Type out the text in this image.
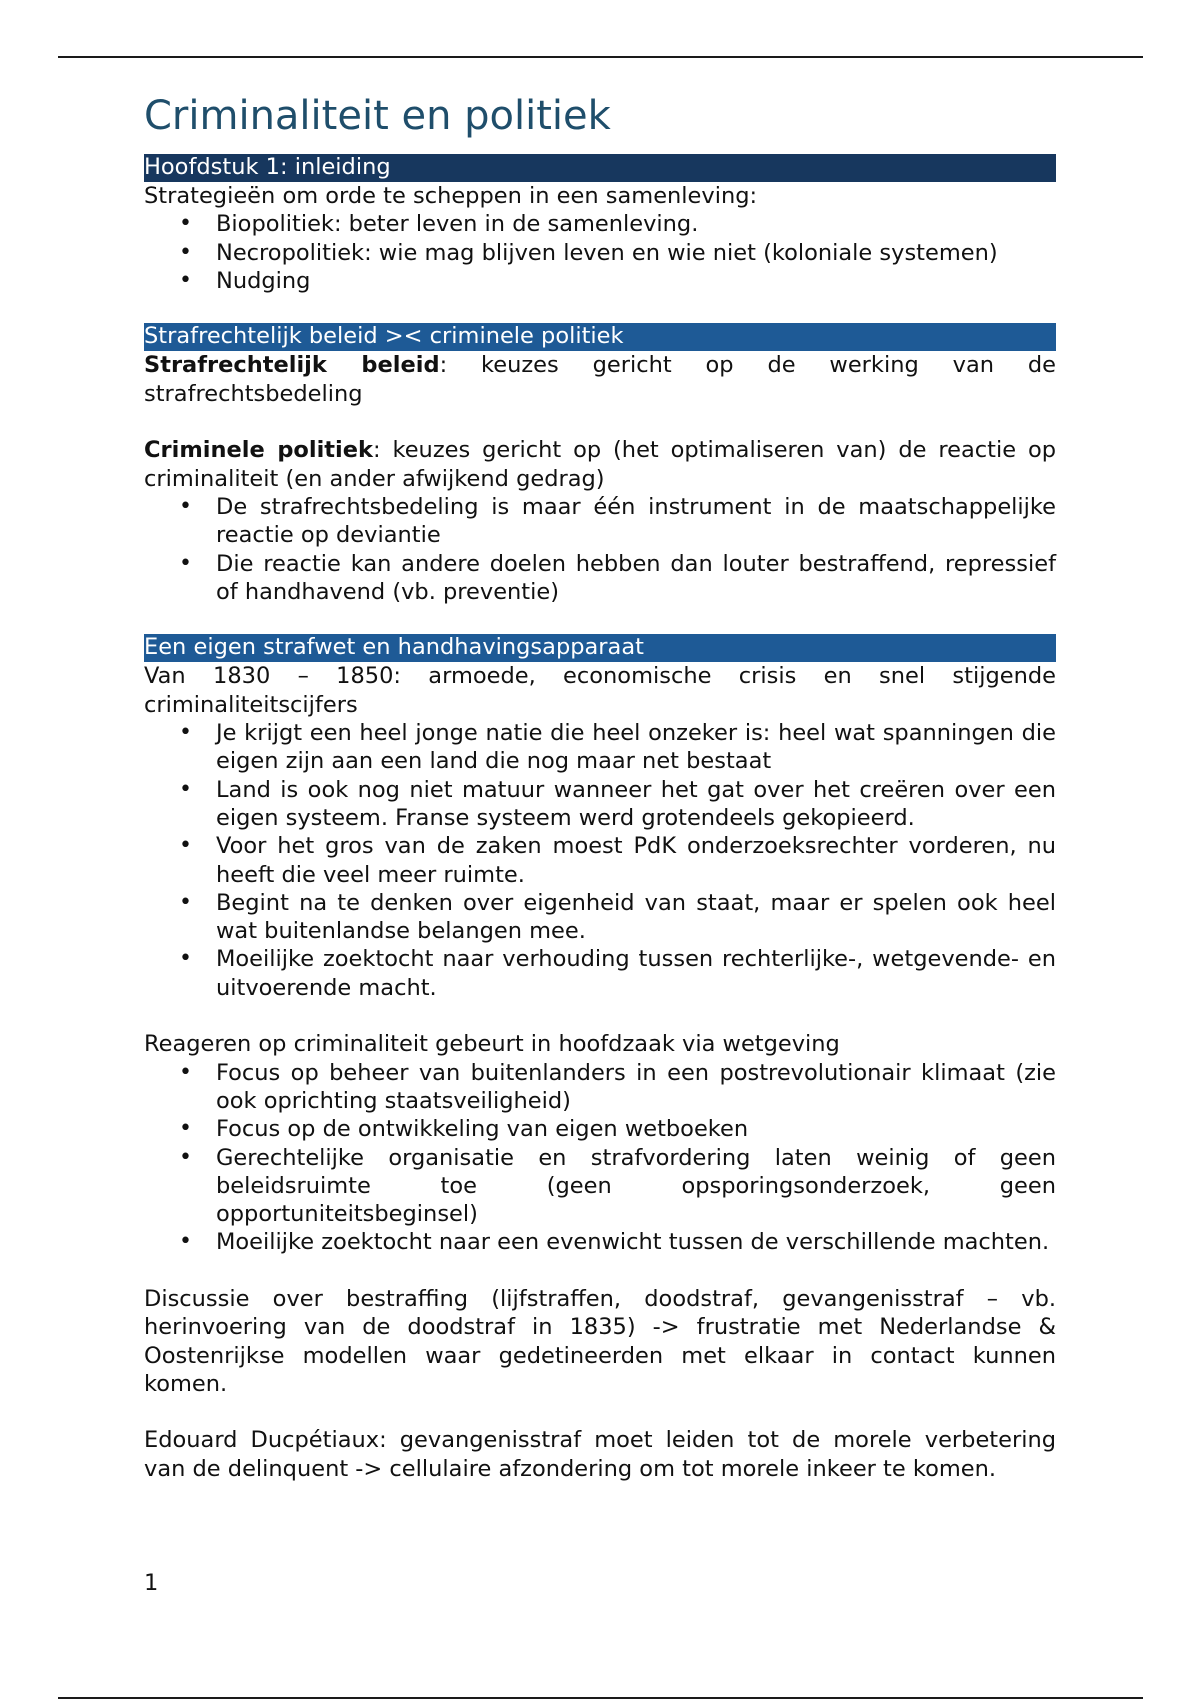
Criminaliteit en politiek
Hoofdstuk 1: inleiding

Strategieën om orde te scheppen in een samenleving:

• Biopolitiek: beter leven in de samenleving.
• Necropolitiek: wie mag blijven leven en wie niet (koloniale systemen)
• Nudging
Strafrechtelijk beleid >< criminele politiek

Strafrechtelijk beleid: keuzes gericht op de werking van de strafrechtsbedeling

Criminele politiek: keuzes gericht op (het optimaliseren van) de reactie op criminaliteit (en ander afwijkend gedrag)

• De strafrechtsbedeling is maar één instrument in de maatschappelijke reactie op deviantie
• Die reactie kan andere doelen hebben dan louter bestraffend, repressief of handhavend (vb. preventie)
Een eigen strafwet en handhavingsapparaat

Van 1830 – 1850: armoede, economische crisis en snel stijgende criminaliteitscijfers

• Je krijgt een heel jonge natie die heel onzeker is: heel wat spanningen die eigen zijn aan een land die nog maar net bestaat
• Land is ook nog niet matuur wanneer het gat over het creëren over een eigen systeem. Franse systeem werd grotendeels gekopieerd.
• Voor het gros van de zaken moest PdK onderzoeksrechter vorderen, nu heeft die veel meer ruimte.
• Begint na te denken over eigenheid van staat, maar er spelen ook heel wat buitenlandse belangen mee.
• Moeilijke zoektocht naar verhouding tussen rechterlijke-, wetgevende- en uitvoerende macht.

Reageren op criminaliteit gebeurt in hoofdzaak via wetgeving

• Focus op beheer van buitenlanders in een postrevolutionair klimaat (zie ook oprichting staatsveiligheid)
• Focus op de ontwikkeling van eigen wetboeken
• Gerechtelijke organisatie en strafvordering laten weinig of geen beleidsruimte toe (geen opsporingsonderzoek, geen opportuniteitsbeginsel)
• Moeilijke zoektocht naar een evenwicht tussen de verschillende machten.

Discussie over bestraffing (lijfstraffen, doodstraf, gevangenisstraf – vb. herinvoering van de doodstraf in 1835) -> frustratie met Nederlandse & Oostenrijkse modellen waar gedetineerden met elkaar in contact kunnen komen.

Edouard Ducpétiaux: gevangenisstraf moet leiden tot de morele verbetering van de delinquent -> cellulaire afzondering om tot morele inkeer te komen.

1
